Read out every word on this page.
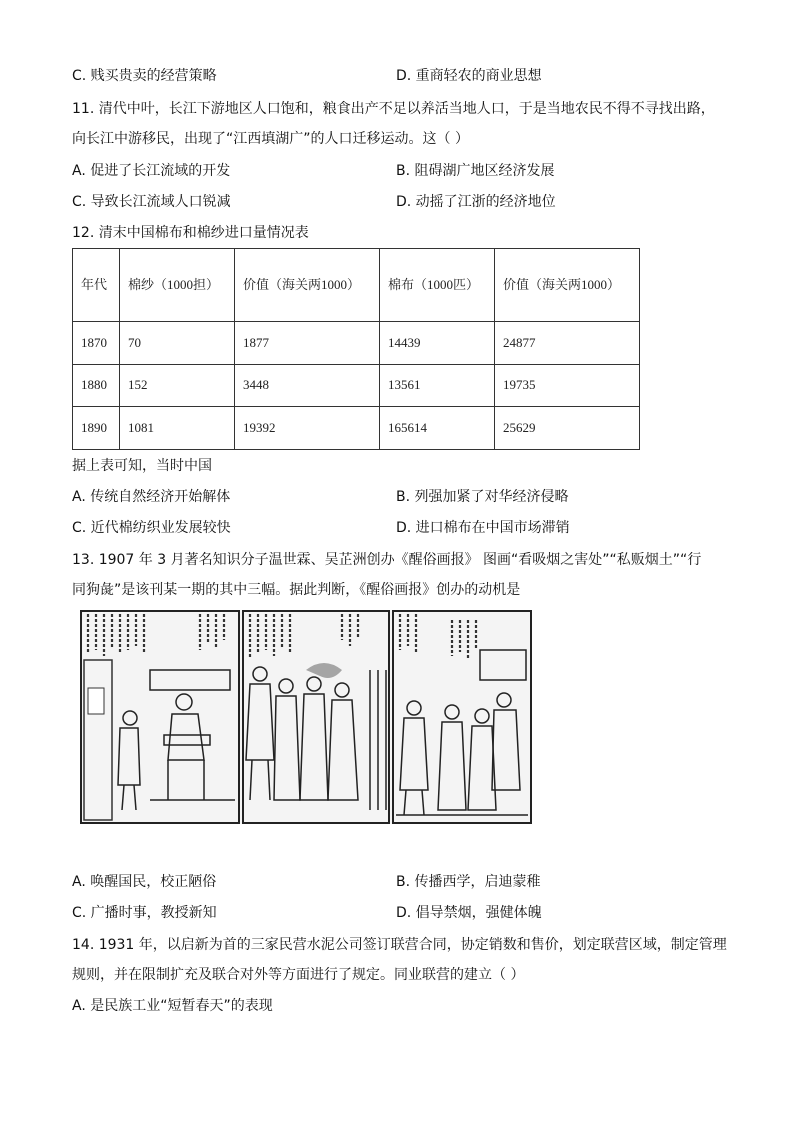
C. 贱买贵卖的经营策略	D. 重商轻农的商业思想
11. 清代中叶，长江下游地区人口饱和，粮食出产不足以养活当地人口，于是当地农民不得不寻找出路，
向长江中游移民，出现了“江西填湖广”的人口迁移运动。这（ ）
A. 促进了长江流域的开发	B. 阻碍湖广地区经济发展
C. 导致长江流域人口锐减	D. 动摇了江浙的经济地位
12. 清末中国棉布和棉纱进口量情况表
年代	棉纱（1000担）	价值（海关两1000）	棉布（1000匹）	价值（海关两1000）
1870	70	1877	14439	24877
1880	152	3448	13561	19735
1890	1081	19392	165614	25629
据上表可知，当时中国
A. 传统自然经济开始解体	B. 列强加紧了对华经济侵略
C. 近代棉纺织业发展较快	D. 进口棉布在中国市场滞销
13. 1907 年 3 月著名知识分子温世霖、吴芷洲创办《醒俗画报》 图画“看吸烟之害处”“私贩烟土”“行
同狗彘”是该刊某一期的其中三幅。据此判断，《醒俗画报》创办的动机是
A. 唤醒国民，校正陋俗	B. 传播西学，启迪蒙稚
C. 广播时事，教授新知	D. 倡导禁烟，强健体魄
14. 1931 年，以启新为首的三家民营水泥公司签订联营合同，协定销数和售价，划定联营区域，制定管理
规则，并在限制扩充及联合对外等方面进行了规定。同业联营的建立（ ）
A. 是民族工业“短暂春天”的表现
